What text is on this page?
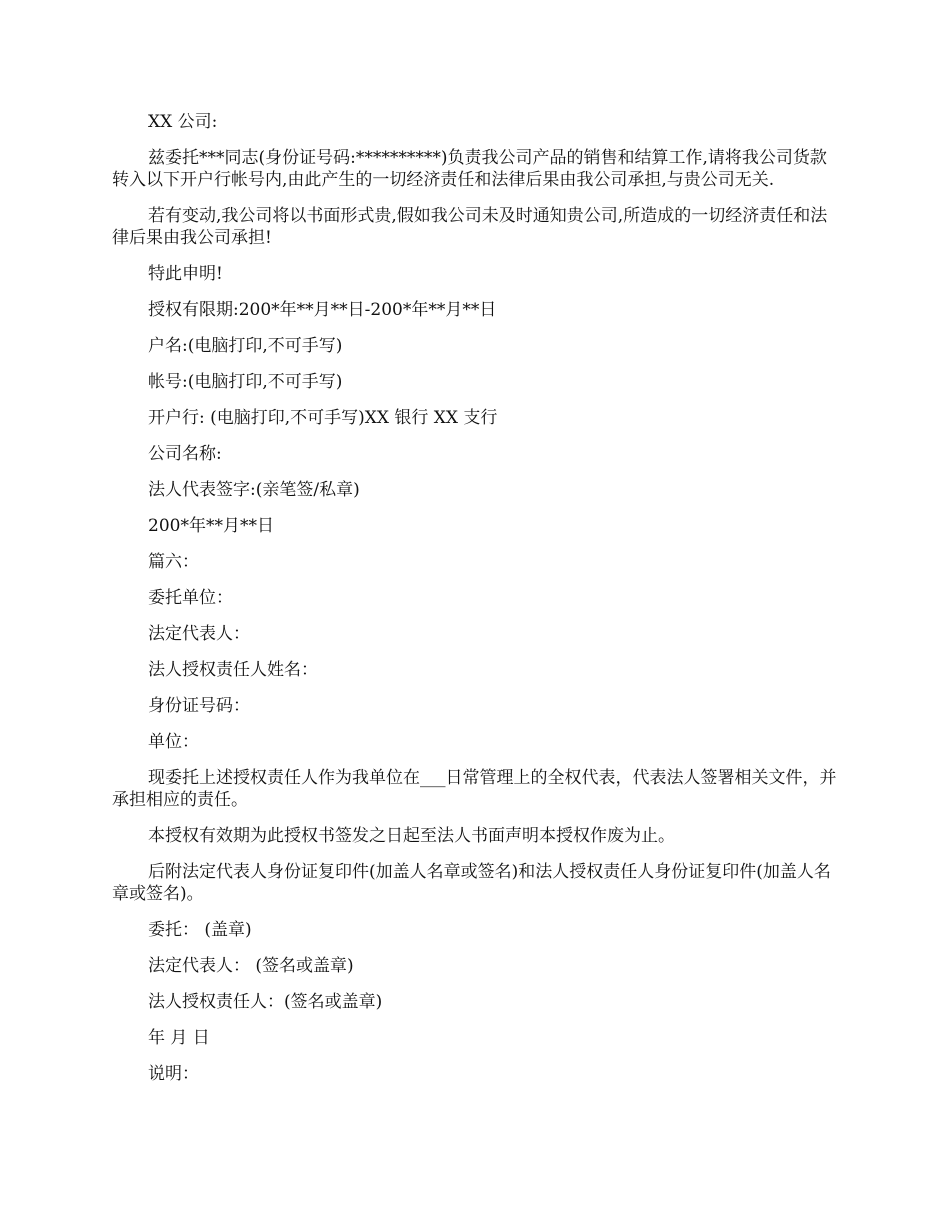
XX 公司:

兹委托***同志(身份证号码:**********)负责我公司产品的销售和结算工作,请将我公司货款转入以下开户行帐号内,由此产生的一切经济责任和法律后果由我公司承担,与贵公司无关.

若有变动,我公司将以书面形式贵,假如我公司未及时通知贵公司,所造成的一切经济责任和法律后果由我公司承担!

特此申明!

授权有限期:200*年**月**日-200*年**月**日

户名:(电脑打印,不可手写)

帐号:(电脑打印,不可手写)

开户行: (电脑打印,不可手写)XX 银行 XX 支行

公司名称:

法人代表签字:(亲笔签/私章)

200*年**月**日

篇六：

委托单位：

法定代表人：

法人授权责任人姓名：

身份证号码：

单位：

现委托上述授权责任人作为我单位在___日常管理上的全权代表，代表法人签署相关文件，并承担相应的责任。

本授权有效期为此授权书签发之日起至法人书面声明本授权作废为止。

后附法定代表人身份证复印件(加盖人名章或签名)和法人授权责任人身份证复印件(加盖人名章或签名)。

委托： (盖章)

法定代表人： (签名或盖章)

法人授权责任人：(签名或盖章)

年 月 日

说明：
